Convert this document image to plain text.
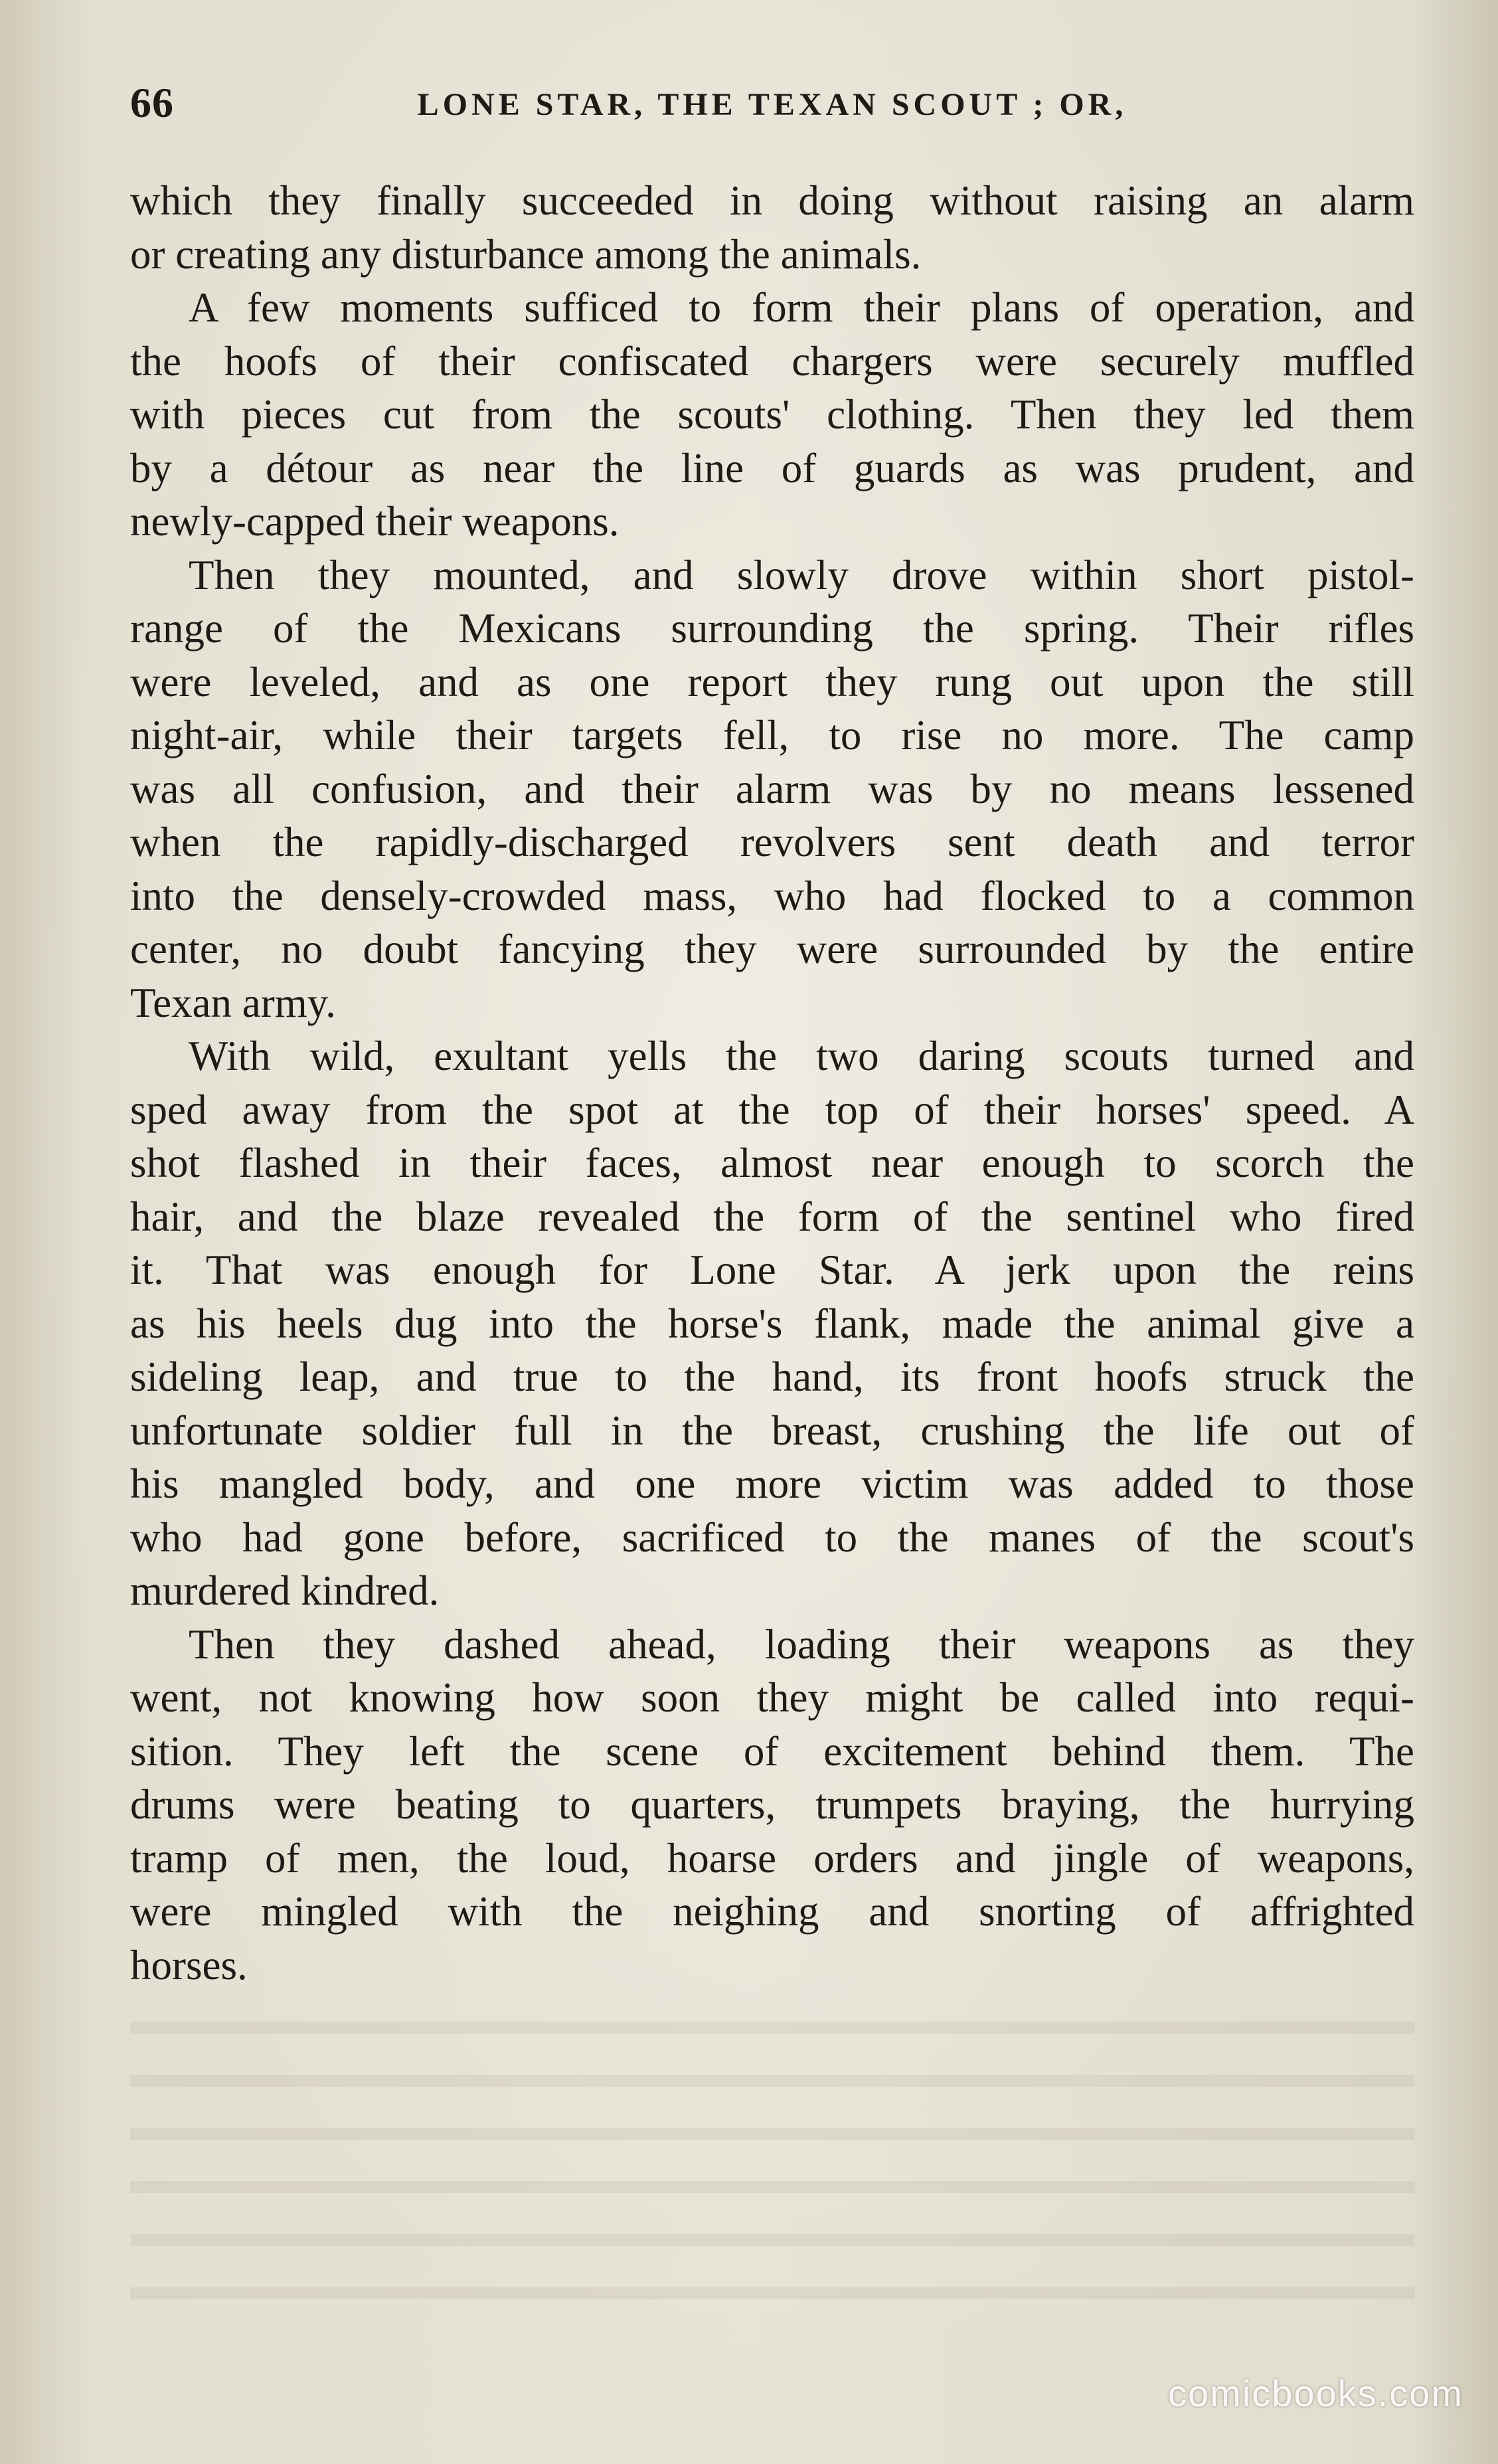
66	LONE STAR, THE TEXAN SCOUT ; OR,
which they finally succeeded in doing without raising an alarm
or creating any disturbance among the animals.
A few moments sufficed to form their plans of operation, and
the hoofs of their confiscated chargers were securely muffled
with pieces cut from the scouts' clothing. Then they led them
by a détour as near the line of guards as was prudent, and
newly-capped their weapons.
Then they mounted, and slowly drove within short pistol-
range of the Mexicans surrounding the spring. Their rifles
were leveled, and as one report they rung out upon the still
night-air, while their targets fell, to rise no more. The camp
was all confusion, and their alarm was by no means lessened
when the rapidly-discharged revolvers sent death and terror
into the densely-crowded mass, who had flocked to a common
center, no doubt fancying they were surrounded by the entire
Texan army.
With wild, exultant yells the two daring scouts turned and
sped away from the spot at the top of their horses' speed. A
shot flashed in their faces, almost near enough to scorch the
hair, and the blaze revealed the form of the sentinel who fired
it. That was enough for Lone Star. A jerk upon the reins
as his heels dug into the horse's flank, made the animal give a
sideling leap, and true to the hand, its front hoofs struck the
unfortunate soldier full in the breast, crushing the life out of
his mangled body, and one more victim was added to those
who had gone before, sacrificed to the manes of the scout's
murdered kindred.
Then they dashed ahead, loading their weapons as they
went, not knowing how soon they might be called into requi-
sition. They left the scene of excitement behind them. The
drums were beating to quarters, trumpets braying, the hurrying
tramp of men, the loud, hoarse orders and jingle of weapons,
were mingled with the neighing and snorting of affrighted
horses.
comicbooks.com
